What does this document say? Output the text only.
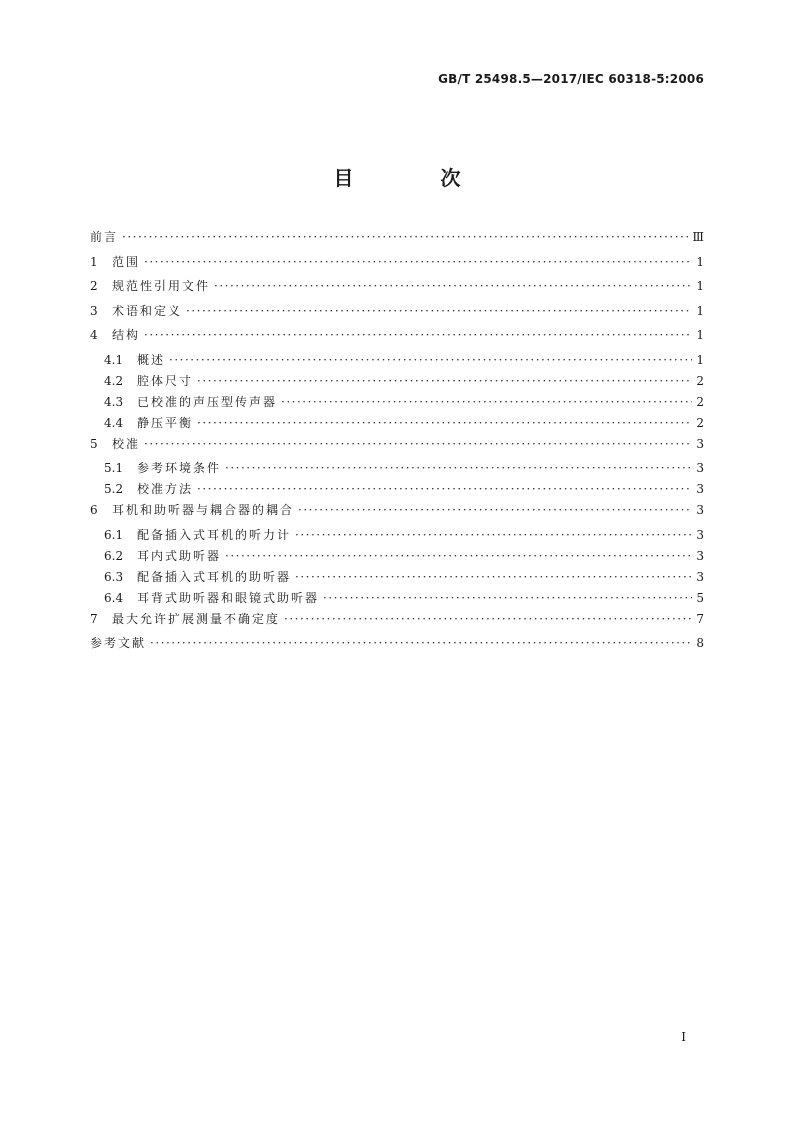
GB/T 25498.5—2017/IEC 60318-5:2006
目 次
前言 ·····	Ⅲ
1 范围 ·····	1
2 规范性引用文件 ·····	1
3 术语和定义 ·····	1
4 结构 ·····	1
4.1 概述 ·····	1
4.2 腔体尺寸 ·····	2
4.3 已校准的声压型传声器 ·····	2
4.4 静压平衡 ·····	2
5 校准 ·····	3
5.1 参考环境条件 ·····	3
5.2 校准方法 ·····	3
6 耳机和助听器与耦合器的耦合 ·····	3
6.1 配备插入式耳机的听力计 ·····	3
6.2 耳内式助听器 ·····	3
6.3 配备插入式耳机的助听器 ·····	3
6.4 耳背式助听器和眼镜式助听器 ·····	5
7 最大允许扩展测量不确定度 ·····	7
参考文献 ·····	8
I
